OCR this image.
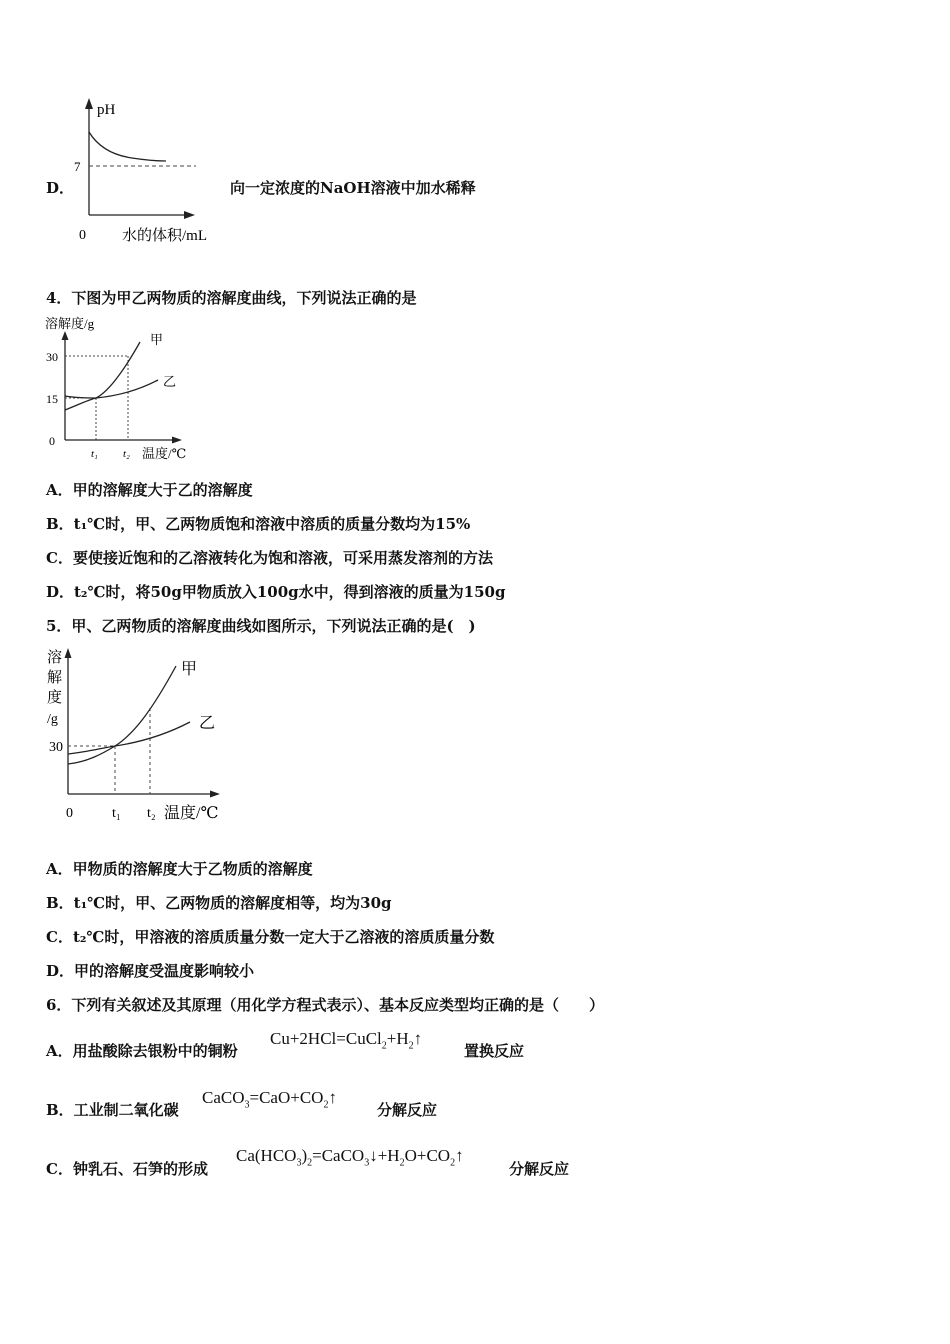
D．
pH
7
0 水的体积/mL
向一定浓度的NaOH溶液中加水稀释
4．下图为甲乙两物质的溶解度曲线，下列说法正确的是
溶解度/g
30
15
0
甲
乙
t₁ t₂ 温度/℃
A．甲的溶解度大于乙的溶解度
B．t₁℃时，甲、乙两物质饱和溶液中溶质的质量分数均为15%
C．要使接近饱和的乙溶液转化为饱和溶液，可采用蒸发溶剂的方法
D．t₂℃时，将50g甲物质放入100g水中，得到溶液的质量为150g
5．甲、乙两物质的溶解度曲线如图所示，下列说法正确的是(　)
溶
解
度
/g
30
甲
乙
0	t₁ t₂ 温度/℃
A．甲物质的溶解度大于乙物质的溶解度
B．t₁℃时，甲、乙两物质的溶解度相等，均为30g
C．t₂℃时，甲溶液的溶质质量分数一定大于乙溶液的溶质质量分数
D．甲的溶解度受温度影响较小
6．下列有关叙述及其原理（用化学方程式表示）、基本反应类型均正确的是（　　）
A．用盐酸除去银粉中的铜粉
$Cu+2HCl=CuCl_2+H_2↑$
置换反应
B．工业制二氧化碳
$CaCO_3=CaO+CO_2↑$
分解反应
C．钟乳石、石笋的形成
$Ca(HCO_3)_2=CaCO_3↓+H_2O+CO_2↑$
分解反应
